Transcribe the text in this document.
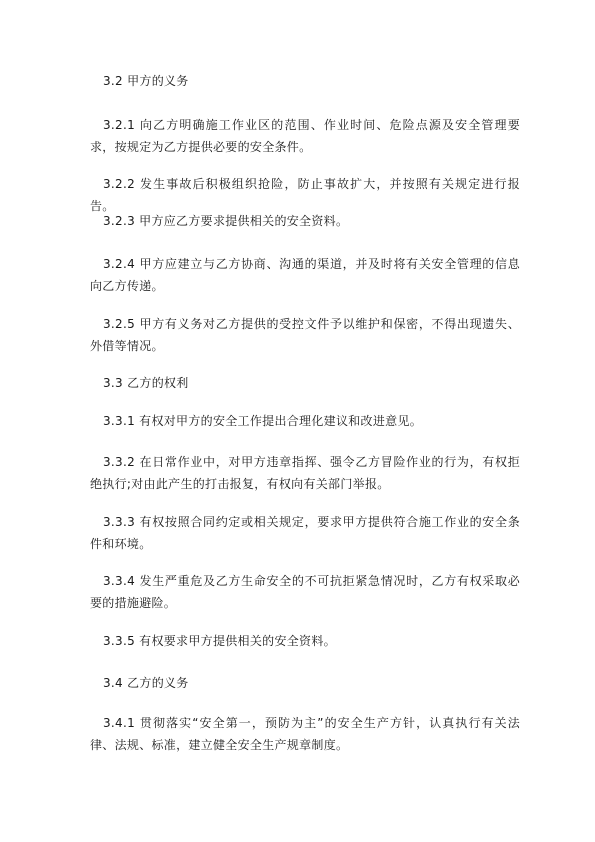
3.2 甲方的义务

3.2.1 向乙方明确施工作业区的范围、作业时间、危险点源及安全管理要求，按规定为乙方提供必要的安全条件。

3.2.2 发生事故后积极组织抢险，防止事故扩大，并按照有关规定进行报告。

3.2.3 甲方应乙方要求提供相关的安全资料。

3.2.4 甲方应建立与乙方协商、沟通的渠道，并及时将有关安全管理的信息向乙方传递。

3.2.5 甲方有义务对乙方提供的受控文件予以维护和保密，不得出现遗失、外借等情况。

3.3 乙方的权利

3.3.1 有权对甲方的安全工作提出合理化建议和改进意见。

3.3.2 在日常作业中，对甲方违章指挥、强令乙方冒险作业的行为，有权拒绝执行;对由此产生的打击报复，有权向有关部门举报。

3.3.3 有权按照合同约定或相关规定，要求甲方提供符合施工作业的安全条件和环境。

3.3.4 发生严重危及乙方生命安全的不可抗拒紧急情况时，乙方有权采取必要的措施避险。

3.3.5 有权要求甲方提供相关的安全资料。

3.4 乙方的义务

3.4.1 贯彻落实“安全第一，预防为主”的安全生产方针，认真执行有关法律、法规、标准，建立健全安全生产规章制度。
